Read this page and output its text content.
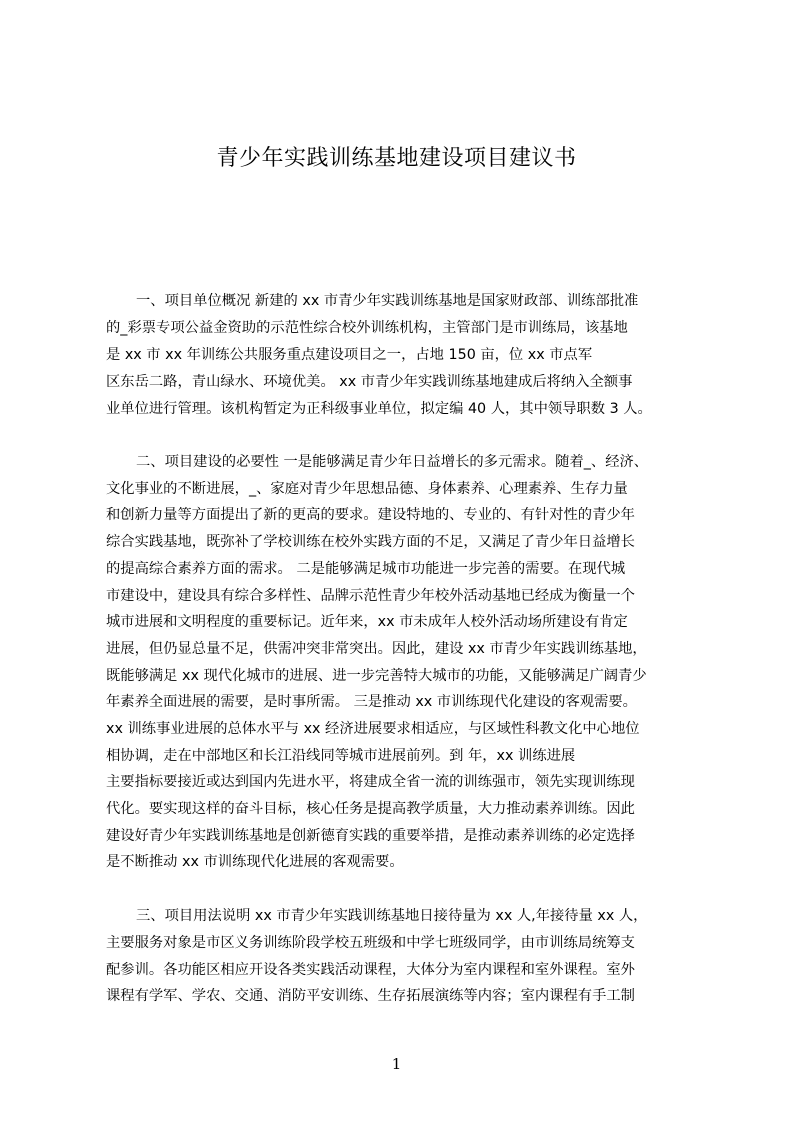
青少年实践训练基地建设项目建议书
一、项目单位概况 新建的 xx 市青少年实践训练基地是国家财政部、训练部批准
的_彩票专项公益金资助的示范性综合校外训练机构，主管部门是市训练局，该基地
是 xx 市 xx 年训练公共服务重点建设项目之一，占地 150 亩，位 xx 市点军
区东岳二路，青山绿水、环境优美。 xx 市青少年实践训练基地建成后将纳入全额事
业单位进行管理。该机构暂定为正科级事业单位，拟定编 40 人，其中领导职数 3 人。
二、项目建设的必要性 一是能够满足青少年日益增长的多元需求。随着_、经济、
文化事业的不断进展，_、家庭对青少年思想品德、身体素养、心理素养、生存力量
和创新力量等方面提出了新的更高的要求。建设特地的、专业的、有针对性的青少年
综合实践基地，既弥补了学校训练在校外实践方面的不足，又满足了青少年日益增长
的提高综合素养方面的需求。 二是能够满足城市功能进一步完善的需要。在现代城
市建设中，建设具有综合多样性、品牌示范性青少年校外活动基地已经成为衡量一个
城市进展和文明程度的重要标记。近年来，xx 市未成年人校外活动场所建设有肯定
进展，但仍显总量不足，供需冲突非常突出。因此，建设 xx 市青少年实践训练基地，
既能够满足 xx 现代化城市的进展、进一步完善特大城市的功能，又能够满足广阔青少
年素养全面进展的需要，是时事所需。 三是推动 xx 市训练现代化建设的客观需要。
xx 训练事业进展的总体水平与 xx 经济进展要求相适应，与区域性科教文化中心地位
相协调，走在中部地区和长江沿线同等城市进展前列。到 年，xx 训练进展
主要指标要接近或达到国内先进水平，将建成全省一流的训练强市，领先实现训练现
代化。要实现这样的奋斗目标，核心任务是提高教学质量，大力推动素养训练。因此
建设好青少年实践训练基地是创新德育实践的重要举措，是推动素养训练的必定选择
是不断推动 xx 市训练现代化进展的客观需要。
三、项目用法说明 xx 市青少年实践训练基地日接待量为 xx 人,年接待量 xx 人，
主要服务对象是市区义务训练阶段学校五班级和中学七班级同学，由市训练局统筹支
配参训。各功能区相应开设各类实践活动课程，大体分为室内课程和室外课程。室外
课程有学军、学农、交通、消防平安训练、生存拓展演练等内容；室内课程有手工制
1
